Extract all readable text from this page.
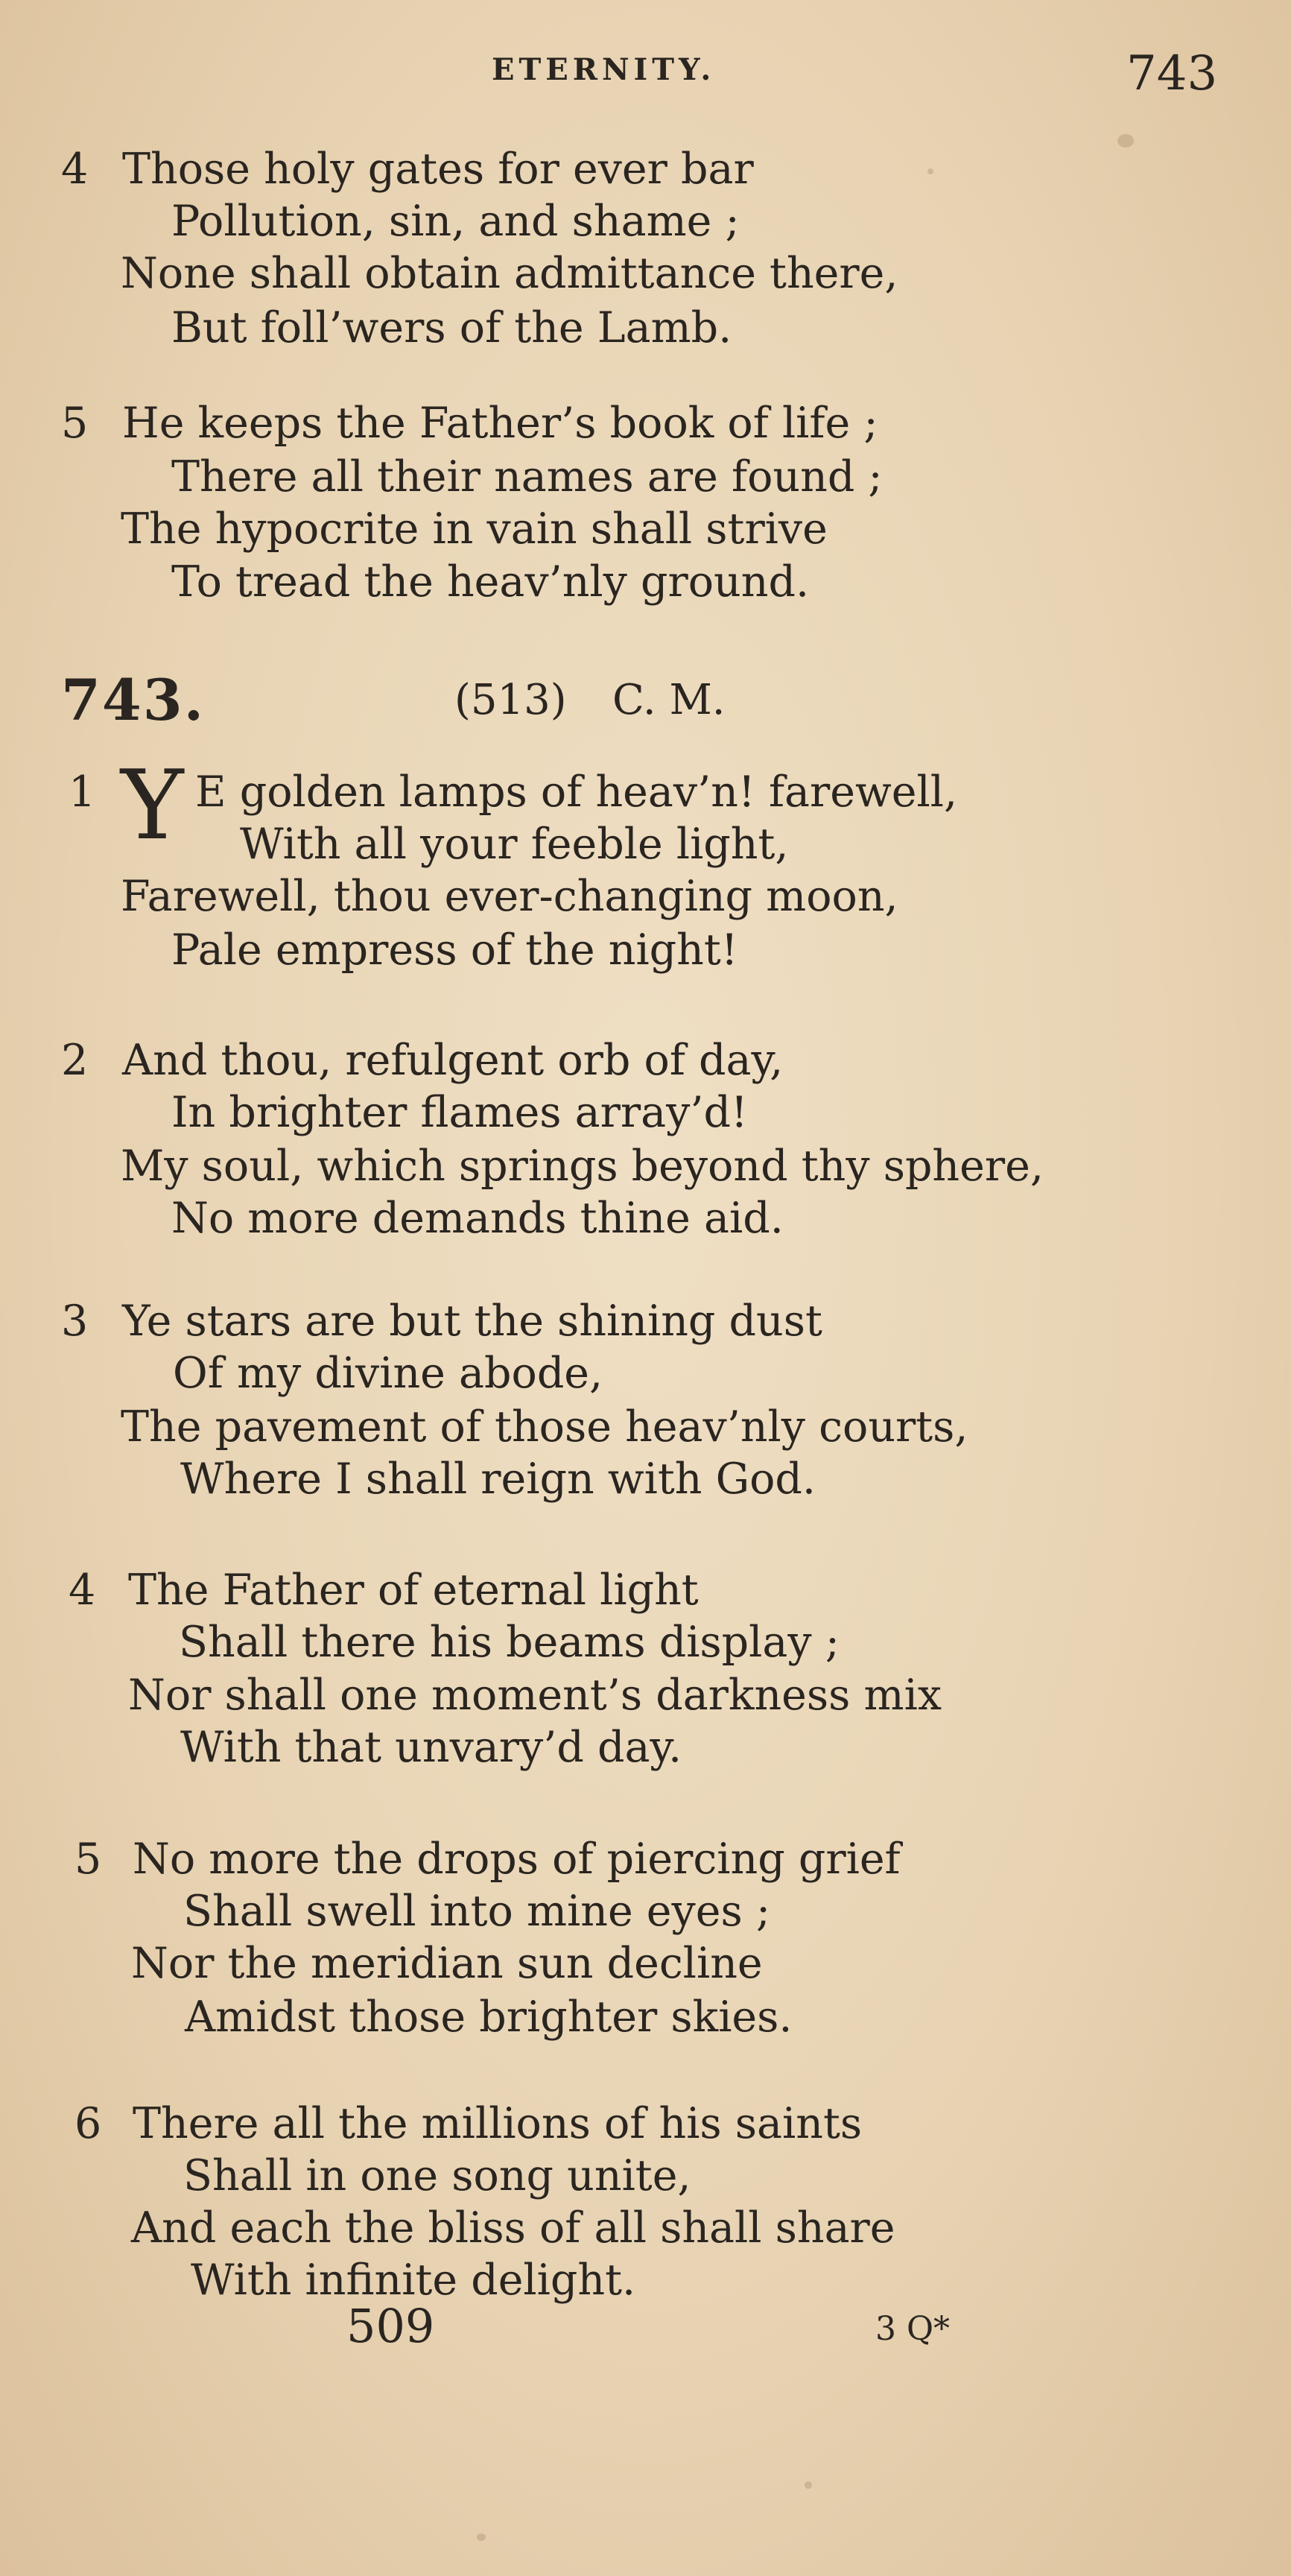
ETERNITY.	743
4 Those holy gates for ever bar
Pollution, sin, and shame ;
None shall obtain admittance there,
But foll’wers of the Lamb.
5 He keeps the Father’s book of life ;
There all their names are found ;
The hypocrite in vain shall strive
To tread the heav’nly ground.
743.	(513) C. M.
1 Y E golden lamps of heav’n! farewell,
With all your feeble light,
Farewell, thou ever-changing moon,
Pale empress of the night!
2 And thou, refulgent orb of day,
In brighter flames array’d!
My soul, which springs beyond thy sphere,
No more demands thine aid.
3 Ye stars are but the shining dust
Of my divine abode,
The pavement of those heav’nly courts,
Where I shall reign with God.
4 The Father of eternal light
Shall there his beams display ;
Nor shall one moment’s darkness mix
With that unvary’d day.
5 No more the drops of piercing grief
Shall swell into mine eyes ;
Nor the meridian sun decline
Amidst those brighter skies.
6 There all the millions of his saints
Shall in one song unite,
And each the bliss of all shall share
With infinite delight.
509	3 Q*
